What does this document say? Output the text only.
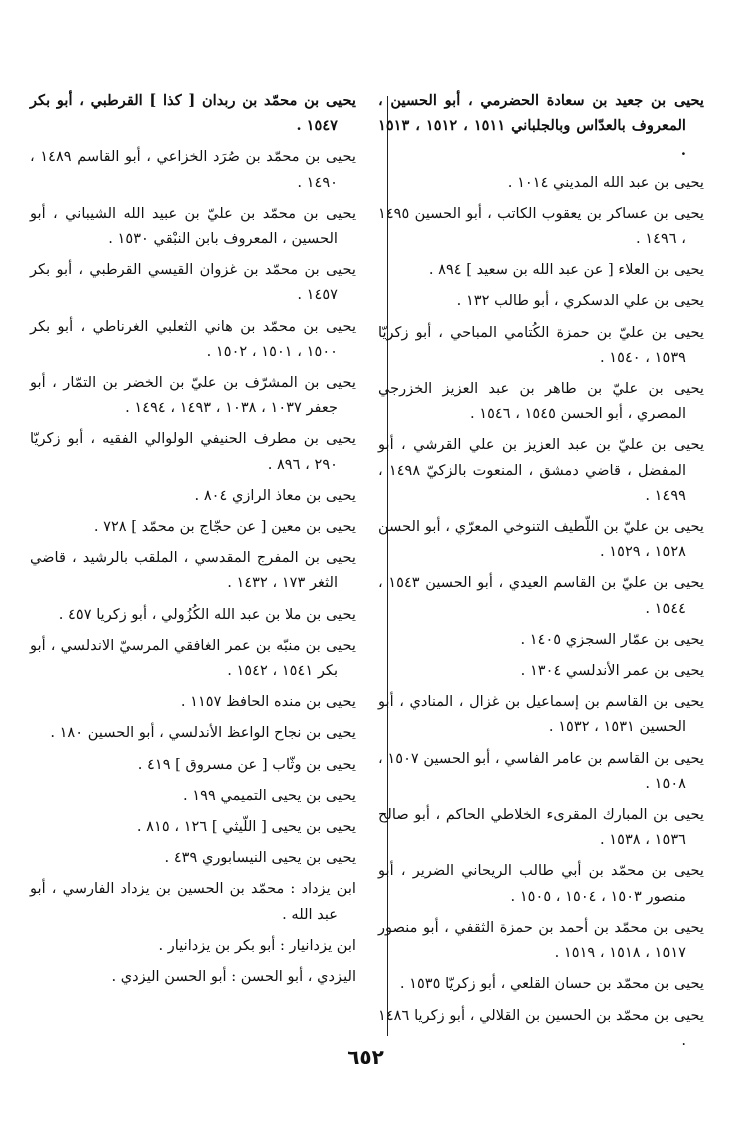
يحيى بن جعيد بن سعادة الحضرمي ، أبو الحسين ، المعروف بالعدّاس وبالجلباني ١٥١١ ، ١٥١٢ ، ١٥١٣ .

يحيى بن عبد الله المديني ١٠١٤ .

يحيى بن عساكر بن يعقوب الكاتب ، أبو الحسين ١٤٩٥ ، ١٤٩٦ .

يحيى بن العلاء [ عن عبد الله بن سعيد ] ٨٩٤ .

يحيى بن علي الدسكري ، أبو طالب ١٣٢ .

يحيى بن عليّ بن حمزة الكُتامي المباحي ، أبو زكريّا ١٥٣٩ ، ١٥٤٠ .

يحيى بن عليّ بن طاهر بن عبد العزيز الخزرجي المصري ، أبو الحسن ١٥٤٥ ، ١٥٤٦ .

يحيى بن عليّ بن عبد العزيز بن علي القرشي ، أبو المفضل ، قاضي دمشق ، المنعوت بالزكيّ ١٤٩٨ ، ١٤٩٩ .

يحيى بن عليّ بن اللّطيف التنوخي المعرّي ، أبو الحسن ١٥٢٨ ، ١٥٢٩ .

يحيى بن عليّ بن القاسم العيدي ، أبو الحسين ١٥٤٣ ، ١٥٤٤ .

يحيى بن عمّار السجزي ١٤٠٥ .

يحيى بن عمر الأندلسي ١٣٠٤ .

يحيى بن القاسم بن إسماعيل بن غزال ، المنادي ، أبو الحسين ١٥٣١ ، ١٥٣٢ .

يحيى بن القاسم بن عامر الفاسي ، أبو الحسين ١٥٠٧ ، ١٥٠٨ .

يحيى بن المبارك المقرىء الخلاطي الحاكم ، أبو صالح ١٥٣٦ ، ١٥٣٨ .

يحيى بن محمّد بن أبي طالب الريحاني الضرير ، أبو منصور ١٥٠٣ ، ١٥٠٤ ، ١٥٠٥ .

يحيى بن محمّد بن أحمد بن حمزة الثقفي ، أبو منصور ١٥١٧ ، ١٥١٨ ، ١٥١٩ .

يحيى بن محمّد بن حسان القلعي ، أبو زكريّا ١٥٣٥ .

يحيى بن محمّد بن الحسين بن القلالي ، أبو زكريا ١٤٨٦ .

يحيى بن محمّد بن ربدان [ كذا ] القرطبي ، أبو بكر ١٥٤٧ .

يحيى بن محمّد بن صُرَد الخزاعي ، أبو القاسم ١٤٨٩ ، ١٤٩٠ .

يحيى بن محمّد بن عليّ بن عبيد الله الشيباني ، أبو الحسين ، المعروف بابن النبْقي ١٥٣٠ .

يحيى بن محمّد بن غزوان القيسي القرطبي ، أبو بكر ١٤٥٧ .

يحيى بن محمّد بن هاني الثعلبي الغرناطي ، أبو بكر ١٥٠٠ ، ١٥٠١ ، ١٥٠٢ .

يحيى بن المشرّف بن عليّ بن الخضر بن التمّار ، أبو جعفر ١٠٣٧ ، ١٠٣٨ ، ١٤٩٣ ، ١٤٩٤ .

يحيى بن مطرف الحنيفي الولوالي الفقيه ، أبو زكريّا ٢٩٠ ، ٨٩٦ .

يحيى بن معاذ الرازي ٨٠٤ .

يحيى بن معين [ عن حجّاج بن محمّد ] ٧٢٨ .

يحيى بن المفرج المقدسي ، الملقب بالرشيد ، قاضي الثغر ١٧٣ ، ١٤٣٢ .

يحيى بن ملا بن عبد الله الكُزُولي ، أبو زكريا ٤٥٧ .

يحيى بن منبّه بن عمر الغافقي المرسيّ الاندلسي ، أبو بكر ١٥٤١ ، ١٥٤٢ .

يحيى بن منده الحافظ ١١٥٧ .

يحيى بن نجاح الواعظ الأندلسي ، أبو الحسين ١٨٠ .

يحيى بن وثّاب [ عن مسروق ] ٤١٩ .

يحيى بن يحيى التميمي ١٩٩ .

يحيى بن يحيى [ اللّيثي ] ١٢٦ ، ٨١٥ .

يحيى بن يحيى النيسابوري ٤٣٩ .

ابن يزداد : محمّد بن الحسين بن يزداد الفارسي ، أبو عبد الله .

ابن يزدانيار : أبو بكر بن يزدانيار .

اليزدي ، أبو الحسن : أبو الحسن اليزدي .

٦٥٢
